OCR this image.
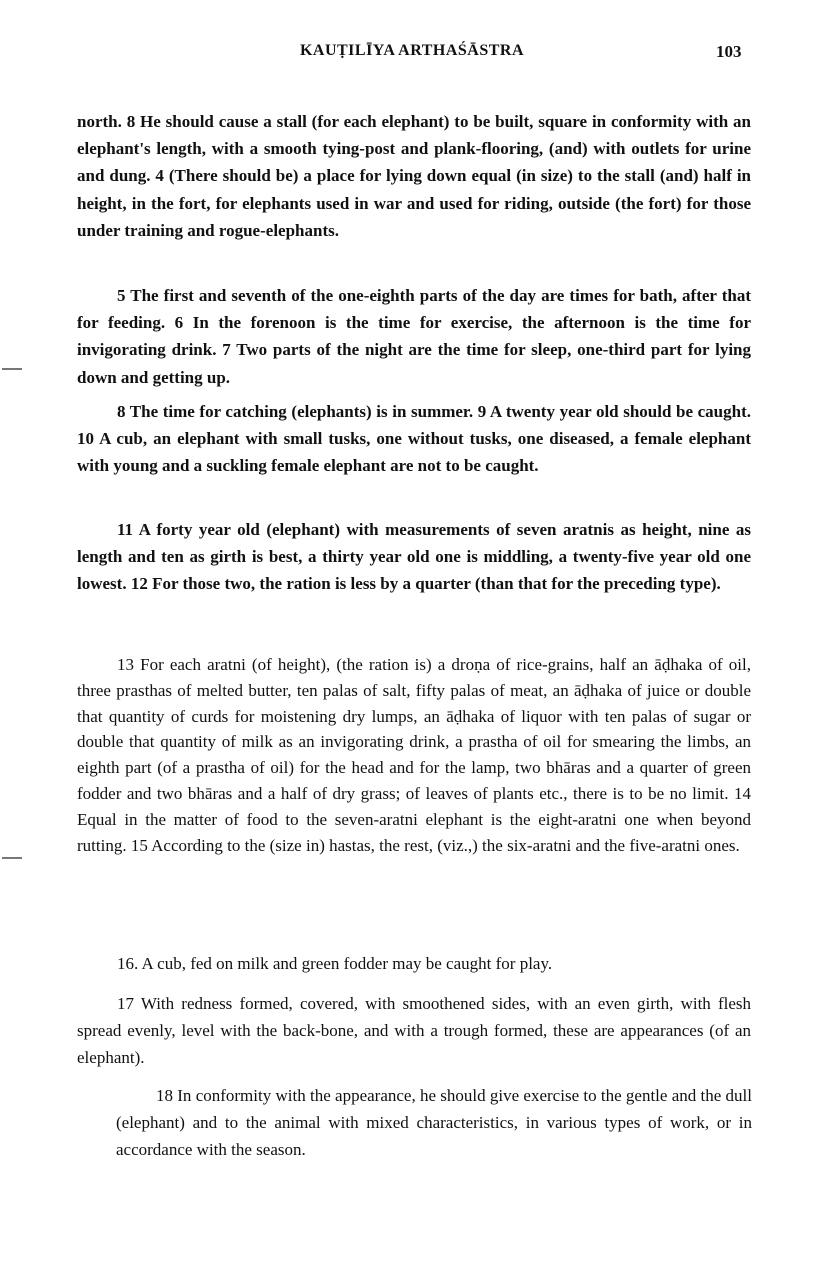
KAUṬILĪYA ARTHAŚĀSTRA	103
north. 8 He should cause a stall (for each elephant) to be built, square in conformity with an elephant's length, with a smooth tying-post and plank-flooring, (and) with outlets for urine and dung. 4 (There should be) a place for lying down equal (in size) to the stall (and) half in height, in the fort, for elephants used in war and used for riding, outside (the fort) for those under training and rogue-elephants.
5 The first and seventh of the one-eighth parts of the day are times for bath, after that for feeding. 6 In the forenoon is the time for exercise, the afternoon is the time for invigorating drink. 7 Two parts of the night are the time for sleep, one-third part for lying down and getting up.
8 The time for catching (elephants) is in summer. 9 A twenty year old should be caught. 10 A cub, an elephant with small tusks, one without tusks, one diseased, a female elephant with young and a suckling female elephant are not to be caught.
11 A forty year old (elephant) with measurements of seven aratnis as height, nine as length and ten as girth is best, a thirty year old one is middling, a twenty-five year old one lowest. 12 For those two, the ration is less by a quarter (than that for the preceding type).
13 For each aratni (of height), (the ration is) a droṇa of rice-grains, half an āḍhaka of oil, three prasthas of melted butter, ten palas of salt, fifty palas of meat, an āḍhaka of juice or double that quantity of curds for moistening dry lumps, an āḍhaka of liquor with ten palas of sugar or double that quantity of milk as an invigorating drink, a prastha of oil for smearing the limbs, an eighth part (of a prastha of oil) for the head and for the lamp, two bhāras and a quarter of green fodder and two bhāras and a half of dry grass; of leaves of plants etc., there is to be no limit. 14 Equal in the matter of food to the seven-aratni elephant is the eight-aratni one when beyond rutting. 15 According to the (size in) hastas, the rest, (viz.,) the six-aratni and the five-aratni ones.
16. A cub, fed on milk and green fodder may be caught for play.
17 With redness formed, covered, with smoothened sides, with an even girth, with flesh spread evenly, level with the back-bone, and with a trough formed, these are appearances (of an elephant).
18 In conformity with the appearance, he should give exercise to the gentle and the dull (elephant) and to the animal with mixed characteristics, in various types of work, or in accordance with the season.
